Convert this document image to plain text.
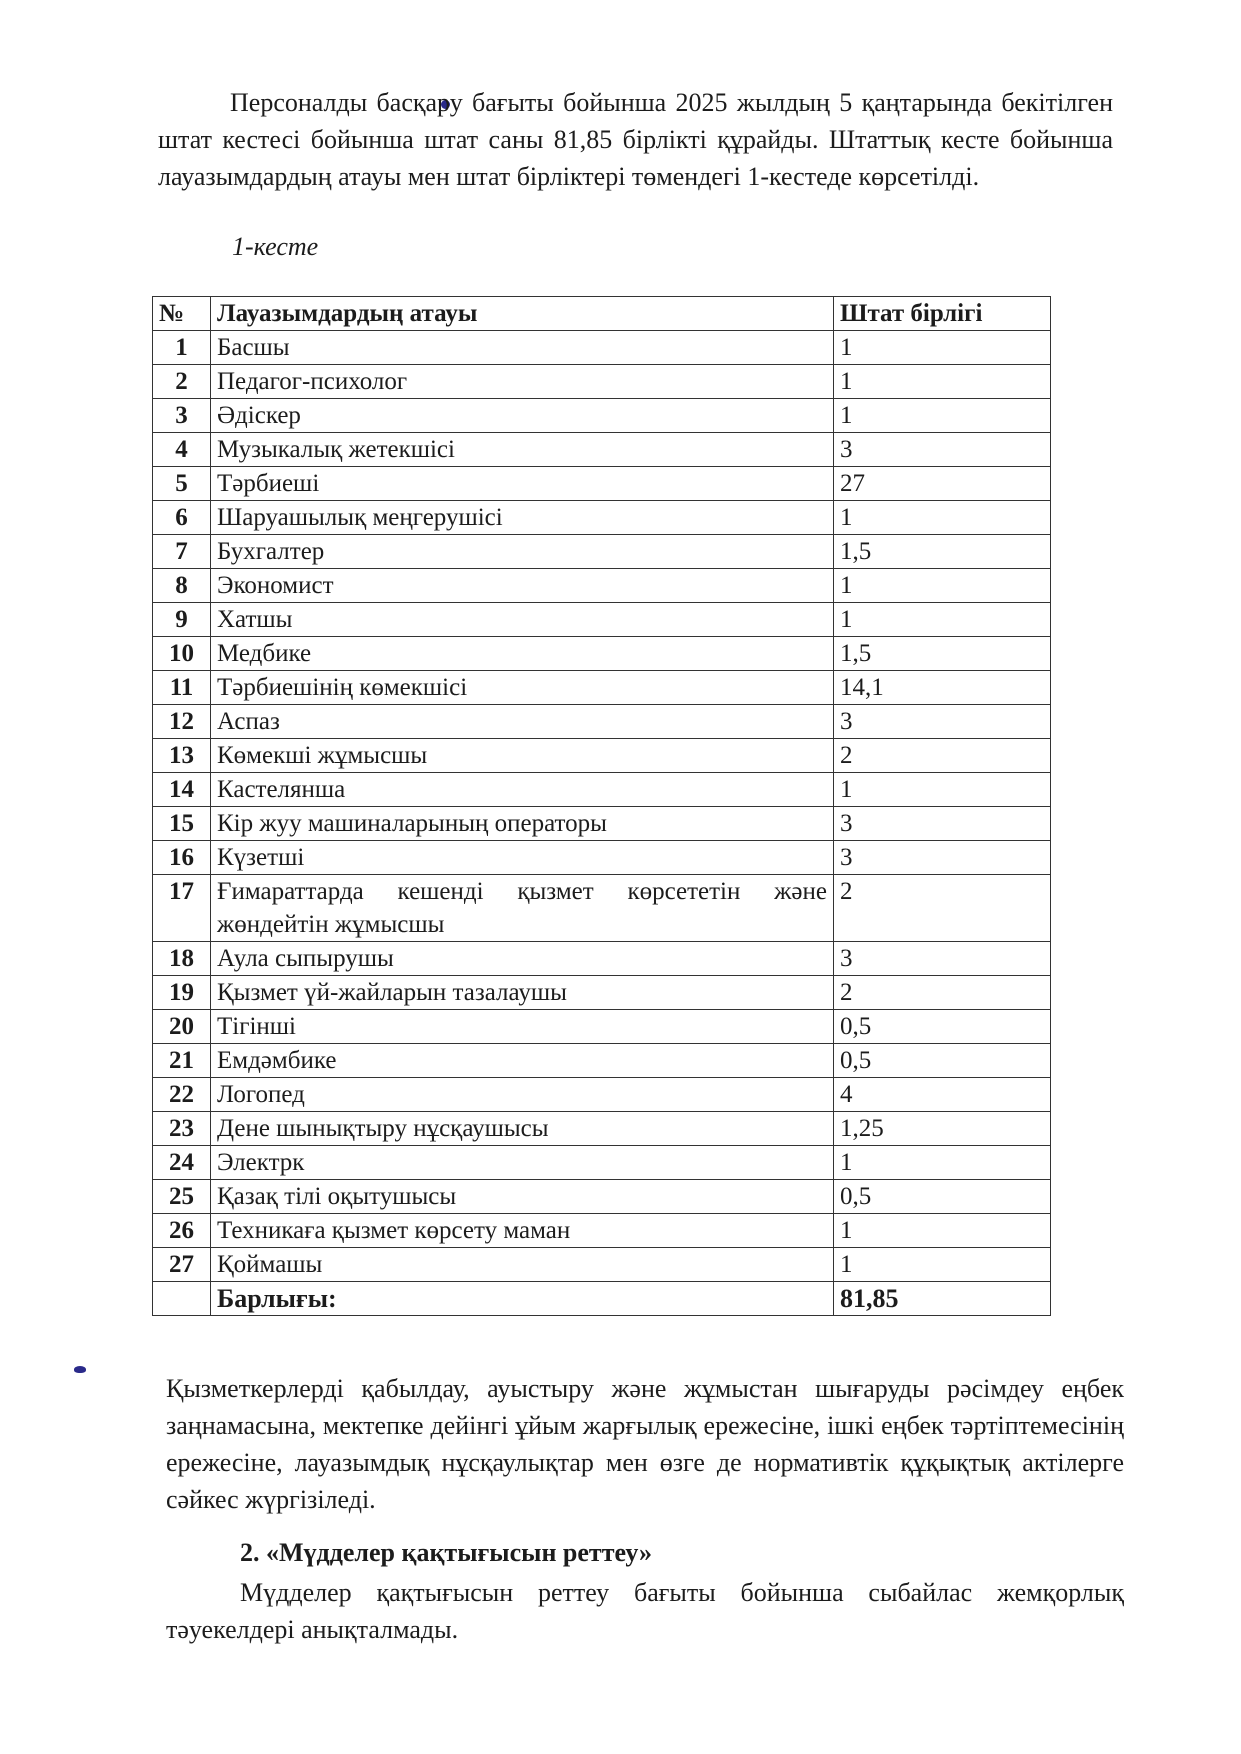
Персоналды басқару бағыты бойынша 2025 жылдың 5 қаңтарында бекітілген штат кестесі бойынша штат саны 81,85 бірлікті құрайды. Штаттық кесте бойынша лауазымдардың атауы мен штат бірліктері төмендегі 1-кестеде көрсетілді.

1-кесте

№	Лауазымдардың атауы	Штат бірлігі
1	Басшы	1
2	Педагог-психолог	1
3	Әдіскер	1
4	Музыкалық жетекшісі	3
5	Тәрбиеші	27
6	Шаруашылық меңгерушісі	1
7	Бухгалтер	1,5
8	Экономист	1
9	Хатшы	1
10	Медбике	1,5
11	Тәрбиешінің көмекшісі	14,1
12	Аспаз	3
13	Көмекші жұмысшы	2
14	Кастелянша	1
15	Кір жуу машиналарының операторы	3
16	Күзетші	3
17	Ғимараттарда кешенді қызмет көрсететін және жөндейтін жұмысшы	2
18	Аула сыпырушы	3
19	Қызмет үй-жайларын тазалаушы	2
20	Тігінші	0,5
21	Емдәмбике	0,5
22	Логопед	4
23	Дене шынықтыру нұсқаушысы	1,25
24	Электрк	1
25	Қазақ тілі оқытушысы	0,5
26	Техникаға қызмет көрсету маман	1
27	Қоймашы	1
	Барлығы:	81,85

Қызметкерлерді қабылдау, ауыстыру және жұмыстан шығаруды рәсімдеу еңбек заңнамасына, мектепке дейінгі ұйым жарғылық ережесіне, ішкі еңбек тәртіптемесінің ережесіне, лауазымдық нұсқаулықтар мен өзге де нормативтік құқықтық актілерге сәйкес жүргізіледі.

2. «Мүдделер қақтығысын реттеу»

Мүдделер қақтығысын реттеу бағыты бойынша сыбайлас жемқорлық тәуекелдері анықталмады.
